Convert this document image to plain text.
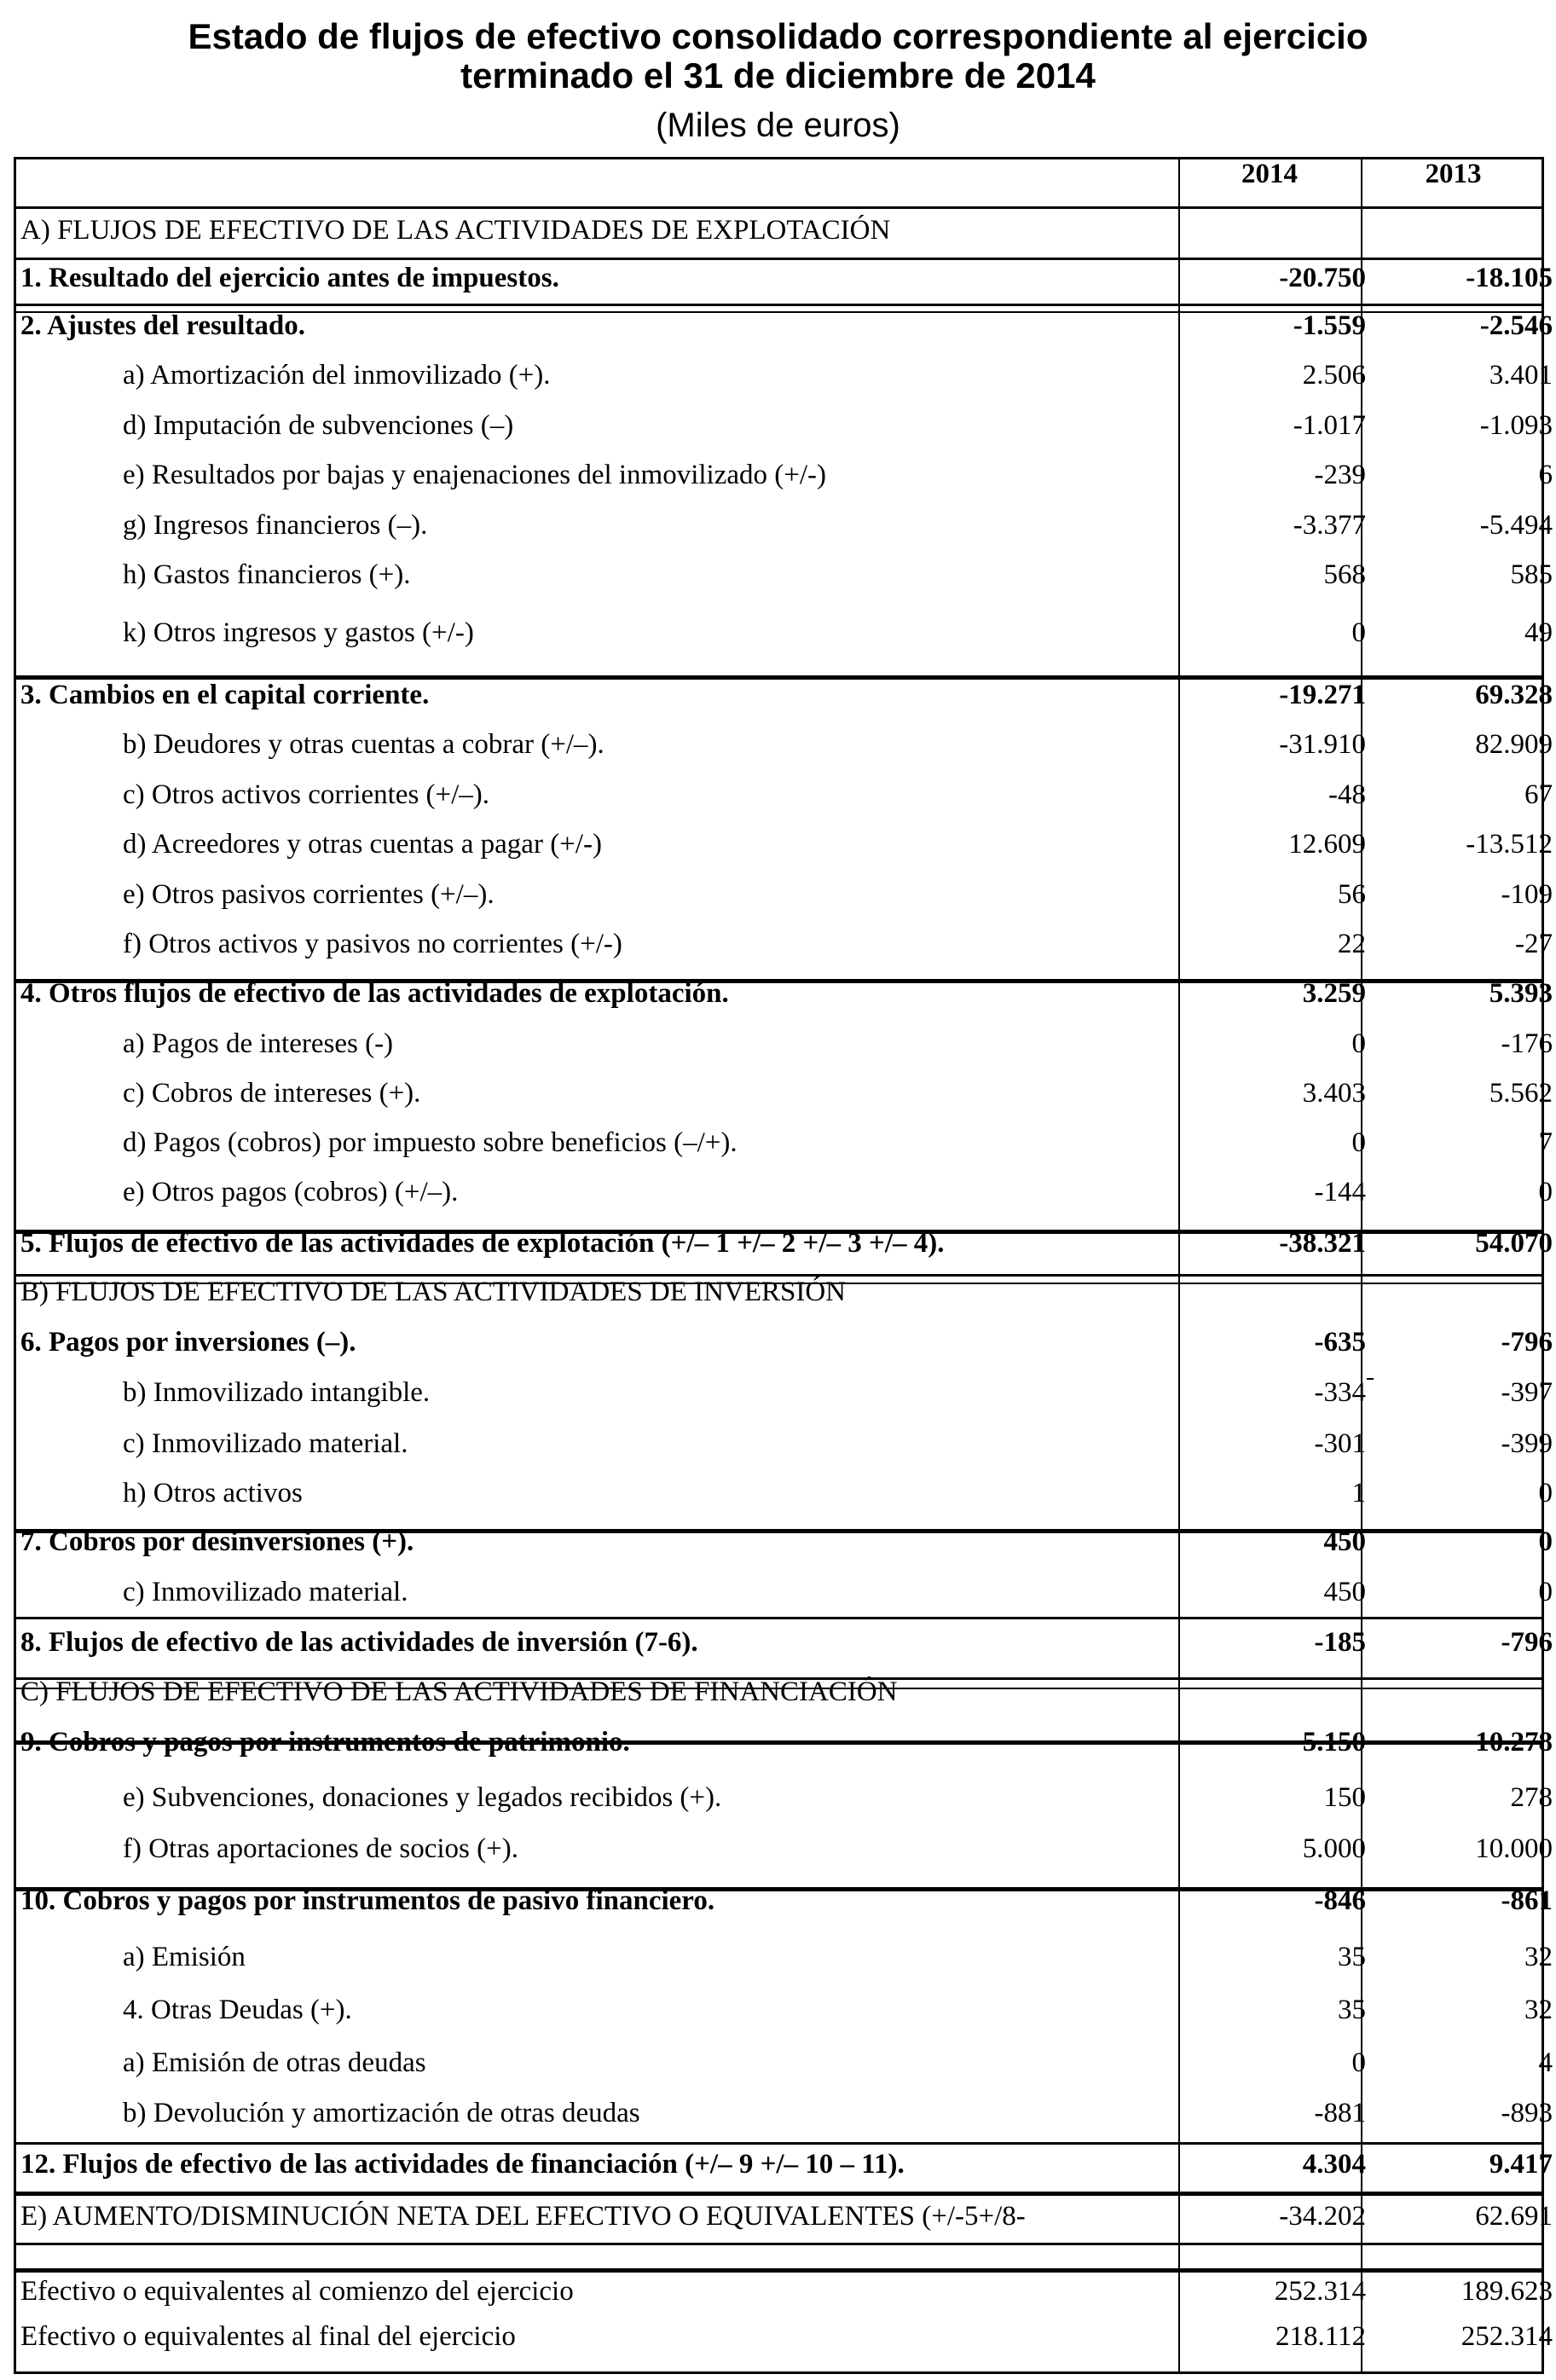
Estado de flujos de efectivo consolidado correspondiente al ejercicio
terminado el 31 de diciembre de 2014
(Miles de euros)
2014	2013
A) FLUJOS DE EFECTIVO DE LAS ACTIVIDADES DE EXPLOTACIÓN
1. Resultado del ejercicio antes de impuestos.	-20.750	-18.105
2. Ajustes del resultado.	-1.559	-2.546
a) Amortización del inmovilizado (+).	2.506	3.401
d) Imputación de subvenciones (–)	-1.017	-1.093
e) Resultados por bajas y enajenaciones del inmovilizado (+/-)	-239	6
g) Ingresos financieros (–).	-3.377	-5.494
h) Gastos financieros (+).	568	585
k) Otros ingresos y gastos (+/-)	0	49
3. Cambios en el capital corriente.	-19.271	69.328
b) Deudores y otras cuentas a cobrar (+/–).	-31.910	82.909
c) Otros activos corrientes (+/–).	-48	67
d) Acreedores y otras cuentas a pagar (+/-)	12.609	-13.512
e) Otros pasivos corrientes (+/–).	56	-109
f) Otros activos y pasivos no corrientes (+/-)	22	-27
4. Otros flujos de efectivo de las actividades de explotación.	3.259	5.393
a) Pagos de intereses (-)	0	-176
c) Cobros de intereses (+).	3.403	5.562
d) Pagos (cobros) por impuesto sobre beneficios (–/+).	0	7
e) Otros pagos (cobros) (+/–).	-144	0
5. Flujos de efectivo de las actividades de explotación (+/– 1 +/– 2 +/– 3 +/– 4).	-38.321	54.070
B) FLUJOS DE EFECTIVO DE LAS ACTIVIDADES DE INVERSIÓN
6. Pagos por inversiones (–).	-635	-796
b) Inmovilizado intangible.	-334	-397
c) Inmovilizado material.	-301	-399
h) Otros activos	1	0
7. Cobros por desinversiones (+).	450	0
c) Inmovilizado material.	450	0
8. Flujos de efectivo de las actividades de inversión (7-6).	-185	-796
C) FLUJOS DE EFECTIVO DE LAS ACTIVIDADES DE FINANCIACIÓN
9. Cobros y pagos por instrumentos de patrimonio.	5.150	10.278
e) Subvenciones, donaciones y legados recibidos (+).	150	278
f) Otras aportaciones de socios (+).	5.000	10.000
10. Cobros y pagos por instrumentos de pasivo financiero.	-846	-861
a) Emisión	35	32
4. Otras Deudas (+).	35	32
a) Emisión de otras deudas	0	4
b) Devolución y amortización de otras deudas	-881	-893
12. Flujos de efectivo de las actividades de financiación (+/– 9 +/– 10 – 11).	4.304	9.417
E) AUMENTO/DISMINUCIÓN NETA DEL EFECTIVO O EQUIVALENTES (+/-5+/8-	-34.202	62.691
Efectivo o equivalentes al comienzo del ejercicio	252.314	189.623
Efectivo o equivalentes al final del ejercicio	218.112	252.314
